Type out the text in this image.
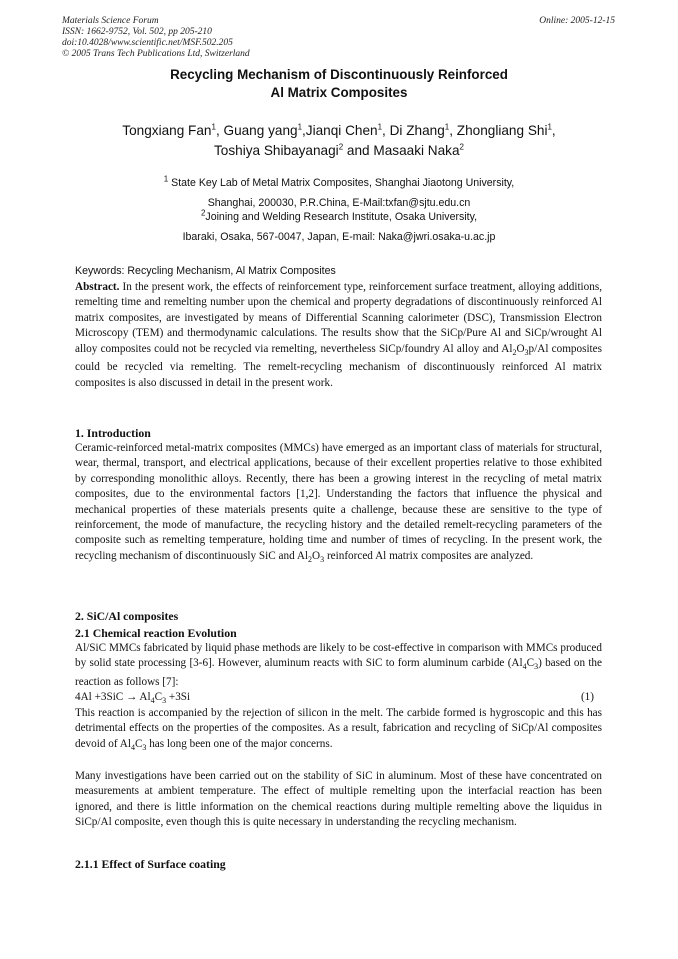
Materials Science Forum
ISSN: 1662-9752, Vol. 502, pp 205-210
doi:10.4028/www.scientific.net/MSF.502.205
© 2005 Trans Tech Publications Ltd, Switzerland
Online: 2005-12-15
Recycling Mechanism of Discontinuously Reinforced
Al Matrix Composites
Tongxiang Fan$^1$, Guang yang$^1$,Jianqi Chen$^1$, Di Zhang$^1$, Zhongliang Shi$^1$,
Toshiya Shibayanagi$^2$ and Masaaki Naka$^2$
$^1$ State Key Lab of Metal Matrix Composites, Shanghai Jiaotong University,
Shanghai, 200030, P.R.China, E-Mail:txfan@sjtu.edu.cn
$^2$Joining and Welding Research Institute, Osaka University,
Ibaraki, Osaka, 567-0047, Japan, E-mail: Naka@jwri.osaka-u.ac.jp
Keywords: Recycling Mechanism, Al Matrix Composites

Abstract. In the present work, the effects of reinforcement type, reinforcement surface treatment, alloying additions, remelting time and remelting number upon the chemical and property degradations of discontinuously reinforced Al matrix composites, are investigated by means of Differential Scanning calorimeter (DSC), Transmission Electron Microscopy (TEM) and thermodynamic calculations. The results show that the SiCp/Pure Al and SiCp/wrought Al alloy composites could not be recycled via remelting, nevertheless SiCp/foundry Al alloy and $Al_2O_3p/Al$ composites could be recycled via remelting. The remelt-recycling mechanism of discontinuously reinforced Al matrix composites is also discussed in detail in the present work.

1. Introduction

Ceramic-reinforced metal-matrix composites (MMCs) have emerged as an important class of materials for structural, wear, thermal, transport, and electrical applications, because of their excellent properties relative to those exhibited by corresponding monolithic alloys. Recently, there has been a growing interest in the recycling of metal matrix composites, due to the environmental factors [1,2]. Understanding the factors that influence the physical and mechanical properties of these materials presents quite a challenge, because these are sensitive to the type of reinforcement, the mode of manufacture, the recycling history and the detailed remelt-recycling parameters of the composite such as remelting temperature, holding time and number of times of recycling. In the present work, the recycling mechanism of discontinuously SiC and $Al_2O_3$ reinforced Al matrix composites are analyzed.

2. SiC/Al composites
2.1 Chemical reaction Evolution

Al/SiC MMCs fabricated by liquid phase methods are likely to be cost-effective in comparison with MMCs produced by solid state processing [3-6]. However, aluminum reacts with SiC to form aluminum carbide $(Al_4C_3)$ based on the reaction as follows [7]:

$4Al +3SiC \to Al_4C_3 +3Si$	(1)

This reaction is accompanied by the rejection of silicon in the melt. The carbide formed is hygroscopic and this has detrimental effects on the properties of the composites. As a result, fabrication and recycling of SiCp/Al composites devoid of $Al_4C_3$ has long been one of the major concerns.

Many investigations have been carried out on the stability of SiC in aluminum. Most of these have concentrated on measurements at ambient temperature. The effect of multiple remelting upon the interfacial reaction has been ignored, and there is little information on the chemical reactions during multiple remelting above the liquidus in SiCp/Al composite, even though this is quite necessary in understanding the recycling mechanism.

2.1.1 Effect of Surface coating
